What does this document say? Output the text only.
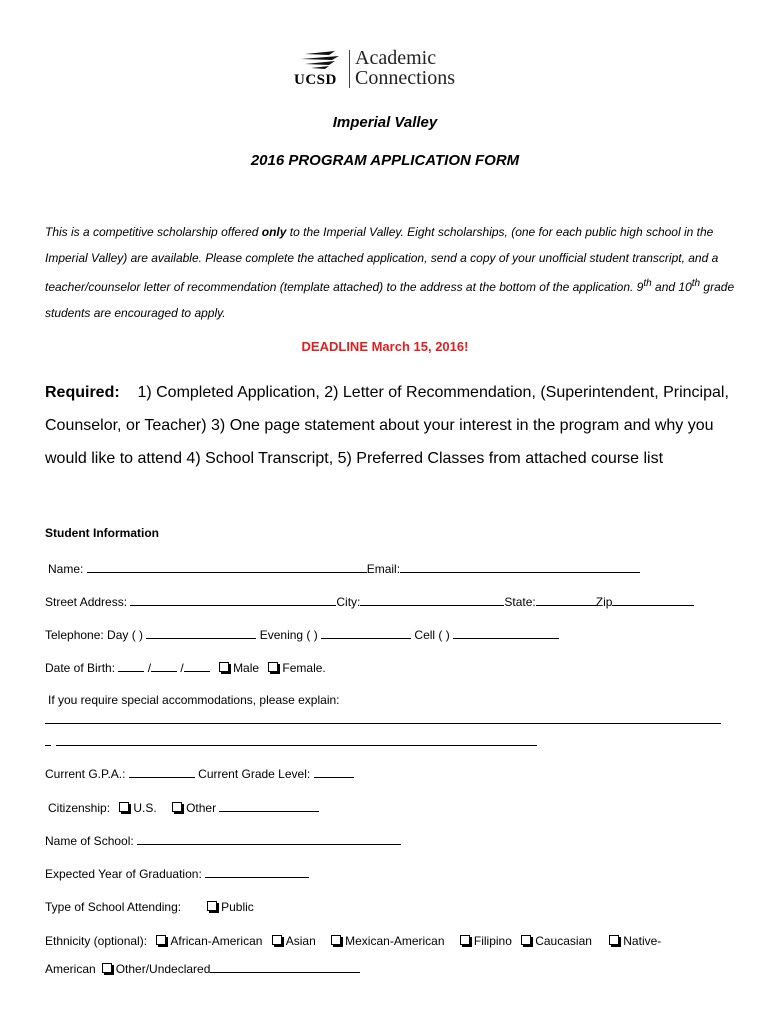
UCSD
Academic
Connections
Imperial Valley
2016 PROGRAM APPLICATION FORM
This is a competitive scholarship offered only to the Imperial Valley. Eight scholarships, (one for each public high school in the Imperial Valley) are available. Please complete the attached application, send a copy of your unofficial student transcript, and a teacher/counselor letter of recommendation (template attached) to the address at the bottom of the application. 9th and 10th grade students are encouraged to apply.
DEADLINE March 15, 2016!
Required: 1) Completed Application, 2) Letter of Recommendation, (Superintendent, Principal, Counselor, or Teacher) 3) One page statement about your interest in the program and why you would like to attend 4) School Transcript, 5) Preferred Classes from attached course list
Student Information
Name:	Email:
Street Address:	City:	State:	Zip
Telephone: Day ( )	Evening ( )	Cell ( )
Date of Birth:  / /	Male Female.
If you require special accommodations, please explain:
Current G.P.A.:	Current Grade Level:
Citizenship: U.S. Other
Name of School:
Expected Year of Graduation:
Type of School Attending:	Public
Ethnicity (optional): African-American Asian Mexican-American Filipino Caucasian	Native-
American Other/Undeclared
